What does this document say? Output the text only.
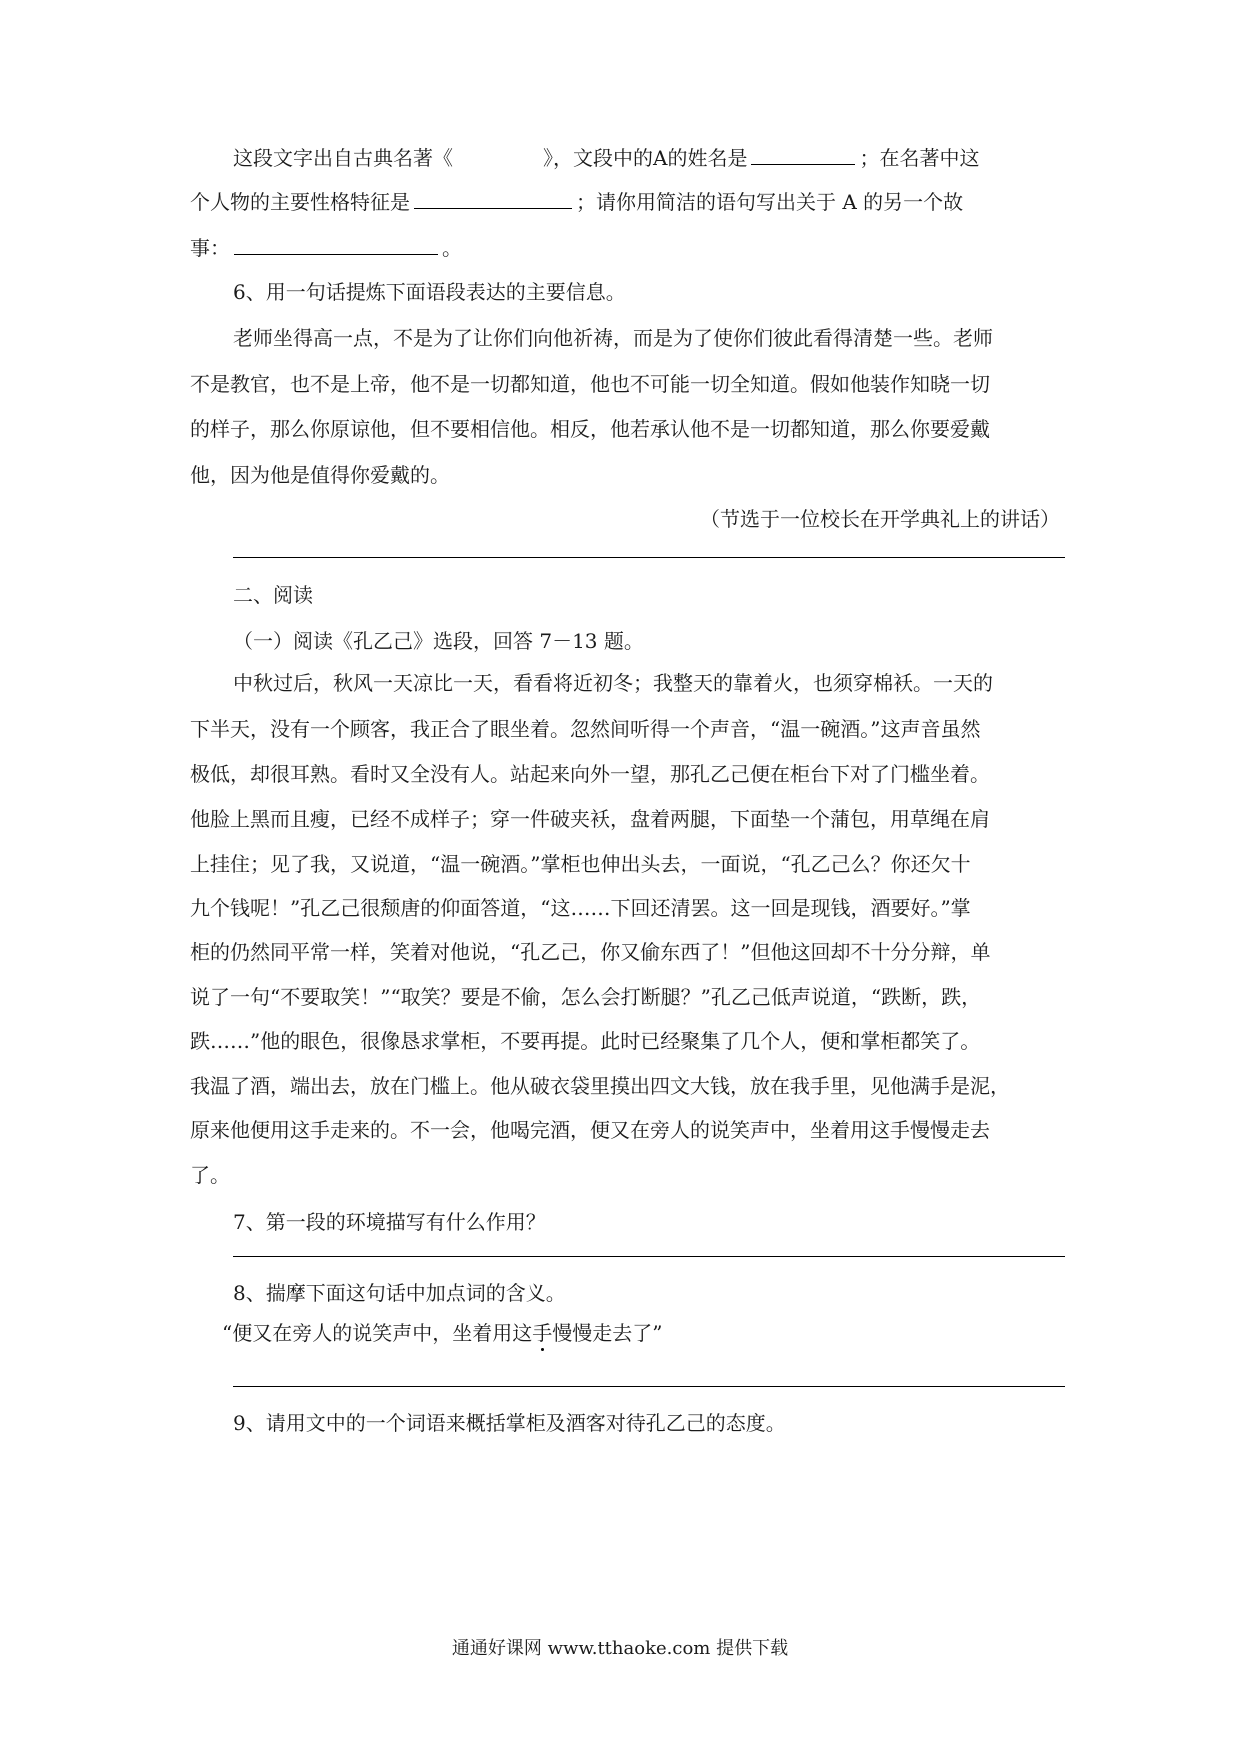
这段文字出自古典名著《	》，文段中的A的姓名是	；在名著中这
个人物的主要性格特征是	；请你用简洁的语句写出关于 A 的另一个故
事：	。
6、用一句话提炼下面语段表达的主要信息。
老师坐得高一点，不是为了让你们向他祈祷，而是为了使你们彼此看得清楚一些。老师
不是教官，也不是上帝，他不是一切都知道，他也不可能一切全知道。假如他装作知晓一切
的样子，那么你原谅他，但不要相信他。相反，他若承认他不是一切都知道，那么你要爱戴
他，因为他是值得你爱戴的。
（节选于一位校长在开学典礼上的讲话）
二、阅读
（一）阅读《孔乙己》选段，回答 7－13 题。
中秋过后，秋风一天凉比一天，看看将近初冬；我整天的靠着火，也须穿棉袄。一天的
下半天，没有一个顾客，我正合了眼坐着。忽然间听得一个声音，“温一碗酒。”这声音虽然
极低，却很耳熟。看时又全没有人。站起来向外一望，那孔乙己便在柜台下对了门槛坐着。
他脸上黑而且瘦，已经不成样子；穿一件破夹袄，盘着两腿，下面垫一个蒲包，用草绳在肩
上挂住；见了我，又说道，“温一碗酒。”掌柜也伸出头去，一面说，“孔乙己么？你还欠十
九个钱呢！”孔乙己很颓唐的仰面答道，“这……下回还清罢。这一回是现钱，酒要好。”掌
柜的仍然同平常一样，笑着对他说，“孔乙己，你又偷东西了！”但他这回却不十分分辩，单
说了一句“不要取笑！”“取笑？要是不偷，怎么会打断腿？”孔乙己低声说道，“跌断，跌，
跌……”他的眼色，很像恳求掌柜，不要再提。此时已经聚集了几个人，便和掌柜都笑了。
我温了酒，端出去，放在门槛上。他从破衣袋里摸出四文大钱，放在我手里，见他满手是泥，
原来他便用这手走来的。不一会，他喝完酒，便又在旁人的说笑声中，坐着用这手慢慢走去
了。
7、第一段的环境描写有什么作用？
8、揣摩下面这句话中加点词的含义。
“便又在旁人的说笑声中，坐着用这手慢慢走去了”
9、请用文中的一个词语来概括掌柜及酒客对待孔乙己的态度。
通通好课网 www.tthaoke.com 提供下载
